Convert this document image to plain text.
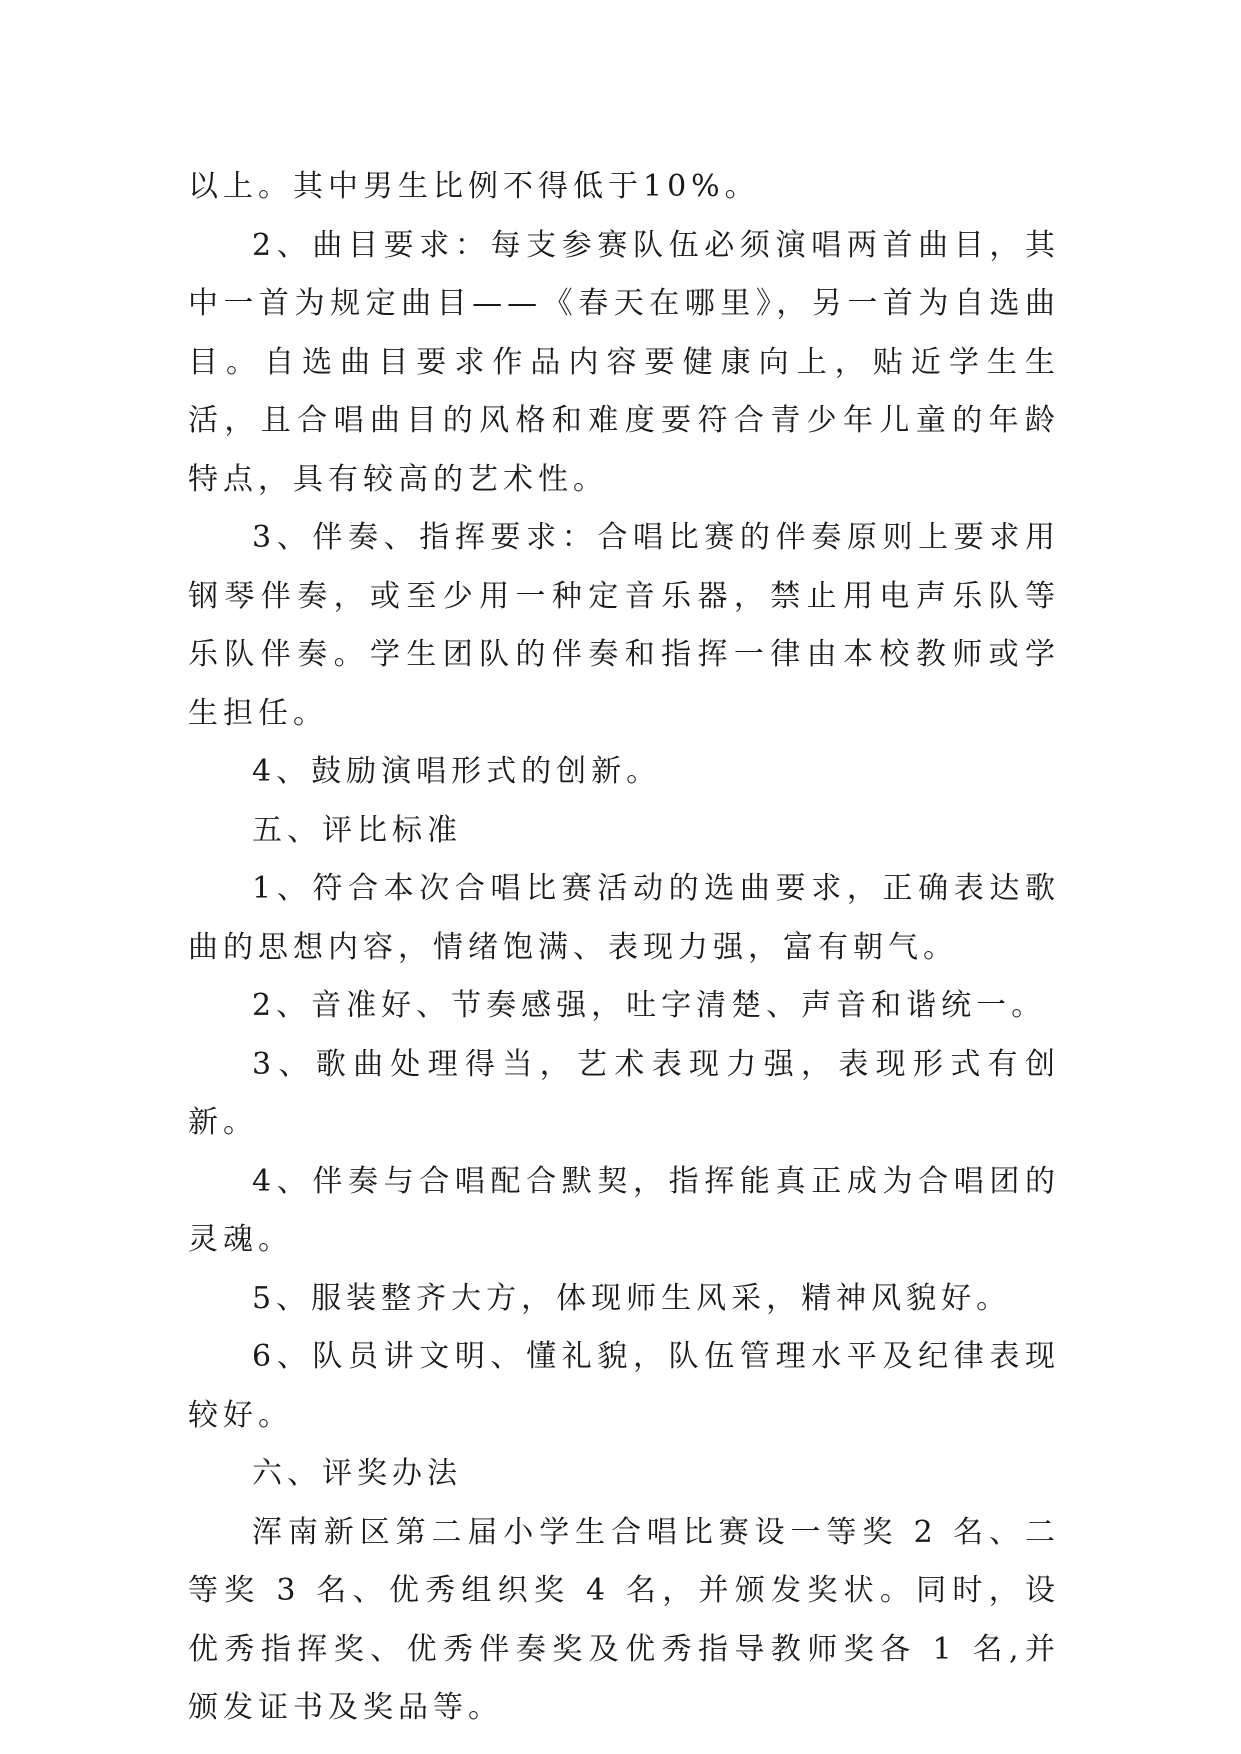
以上。其中男生比例不得低于10%。

2、曲目要求：每支参赛队伍必须演唱两首曲目，其中一首为规定曲目——《春天在哪里》，另一首为自选曲目。自选曲目要求作品内容要健康向上，贴近学生生活，且合唱曲目的风格和难度要符合青少年儿童的年龄特点，具有较高的艺术性。

3、伴奏、指挥要求：合唱比赛的伴奏原则上要求用钢琴伴奏，或至少用一种定音乐器，禁止用电声乐队等乐队伴奏。学生团队的伴奏和指挥一律由本校教师或学生担任。

4、鼓励演唱形式的创新。

五、评比标准

1、符合本次合唱比赛活动的选曲要求，正确表达歌曲的思想内容，情绪饱满、表现力强，富有朝气。

2、音准好、节奏感强，吐字清楚、声音和谐统一。

3、歌曲处理得当，艺术表现力强，表现形式有创新。

4、伴奏与合唱配合默契，指挥能真正成为合唱团的灵魂。

5、服装整齐大方，体现师生风采，精神风貌好。

6、队员讲文明、懂礼貌，队伍管理水平及纪律表现较好。

六、评奖办法

浑南新区第二届小学生合唱比赛设一等奖 2 名、二等奖 3 名、优秀组织奖 4 名，并颁发奖状。同时，设优秀指挥奖、优秀伴奏奖及优秀指导教师奖各 1 名,并颁发证书及奖品等。
